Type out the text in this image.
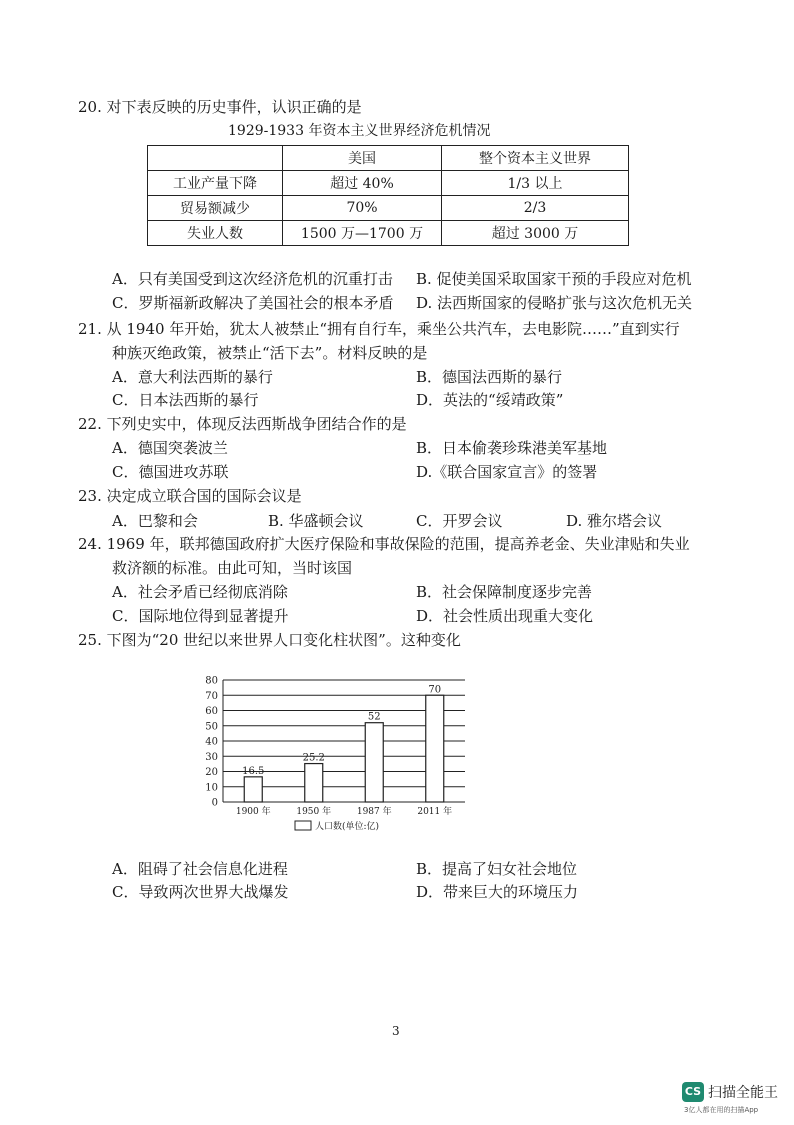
20. 对下表反映的历史事件，认识正确的是
1929-1933 年资本主义世界经济危机情况
	美国	整个资本主义世界
工业产量下降	超过 40%	1/3 以上
贸易额减少	70%	2/3
失业人数	1500 万—1700 万	超过 3000 万
A．只有美国受到这次经济危机的沉重打击 B. 促使美国采取国家干预的手段应对危机
C．罗斯福新政解决了美国社会的根本矛盾 D. 法西斯国家的侵略扩张与这次危机无关
21. 从 1940 年开始，犹太人被禁止“拥有自行车，乘坐公共汽车，去电影院……”直到实行
种族灭绝政策，被禁止“活下去”。材料反映的是
A．意大利法西斯的暴行	B．德国法西斯的暴行
C．日本法西斯的暴行	D．英法的“绥靖政策”
22. 下列史实中，体现反法西斯战争团结合作的是
A．德国突袭波兰	B．日本偷袭珍珠港美军基地
C．德国进攻苏联	D.《联合国家宣言》的签署
23. 决定成立联合国的国际会议是
A．巴黎和会	B. 华盛顿会议	C．开罗会议	D. 雅尔塔会议
24. 1969 年，联邦德国政府扩大医疗保险和事故保险的范围，提高养老金、失业津贴和失业
救济额的标准。由此可知，当时该国
A．社会矛盾已经彻底消除	B．社会保障制度逐步完善
C．国际地位得到显著提升	D．社会性质出现重大变化
25. 下图为“20 世纪以来世界人口变化柱状图”。这种变化
0
10
20
30
40
50
60
70
80
16.5
1900 年
25.2
1950 年
52
1987 年
70
2011 年
人口数(单位:亿)
A．阻碍了社会信息化进程	B．提高了妇女社会地位
C．导致两次世界大战爆发	D．带来巨大的环境压力
3
CS 扫描全能王
3亿人都在用的扫描App
